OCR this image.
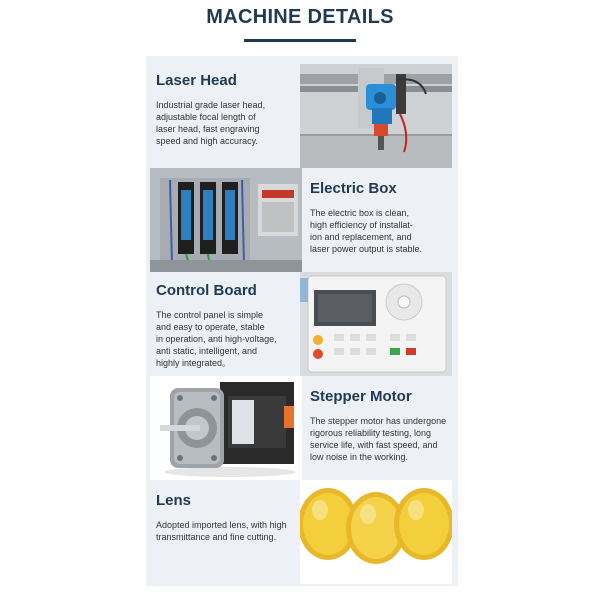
MACHINE DETAILS
Laser Head

Industrial grade laser head,
adjustable focal length of
laser head, fast engraving
speed and high accuracy.

Electric Box

The electric box is clean,
high efficiency of installat-
ion and replacement, and
laser power output is stable.

Control Board

The control panel is simple
and easy to operate, stable
in operation, anti high-voltage,
anti static, intelligent, and
highly integrated。

Stepper Motor

The stepper motor has undergone
rigorous reliability testing, long
service life, with fast speed, and
low noise in the working.

Lens

Adopted imported lens, with high
transmittance and fine cutting.
